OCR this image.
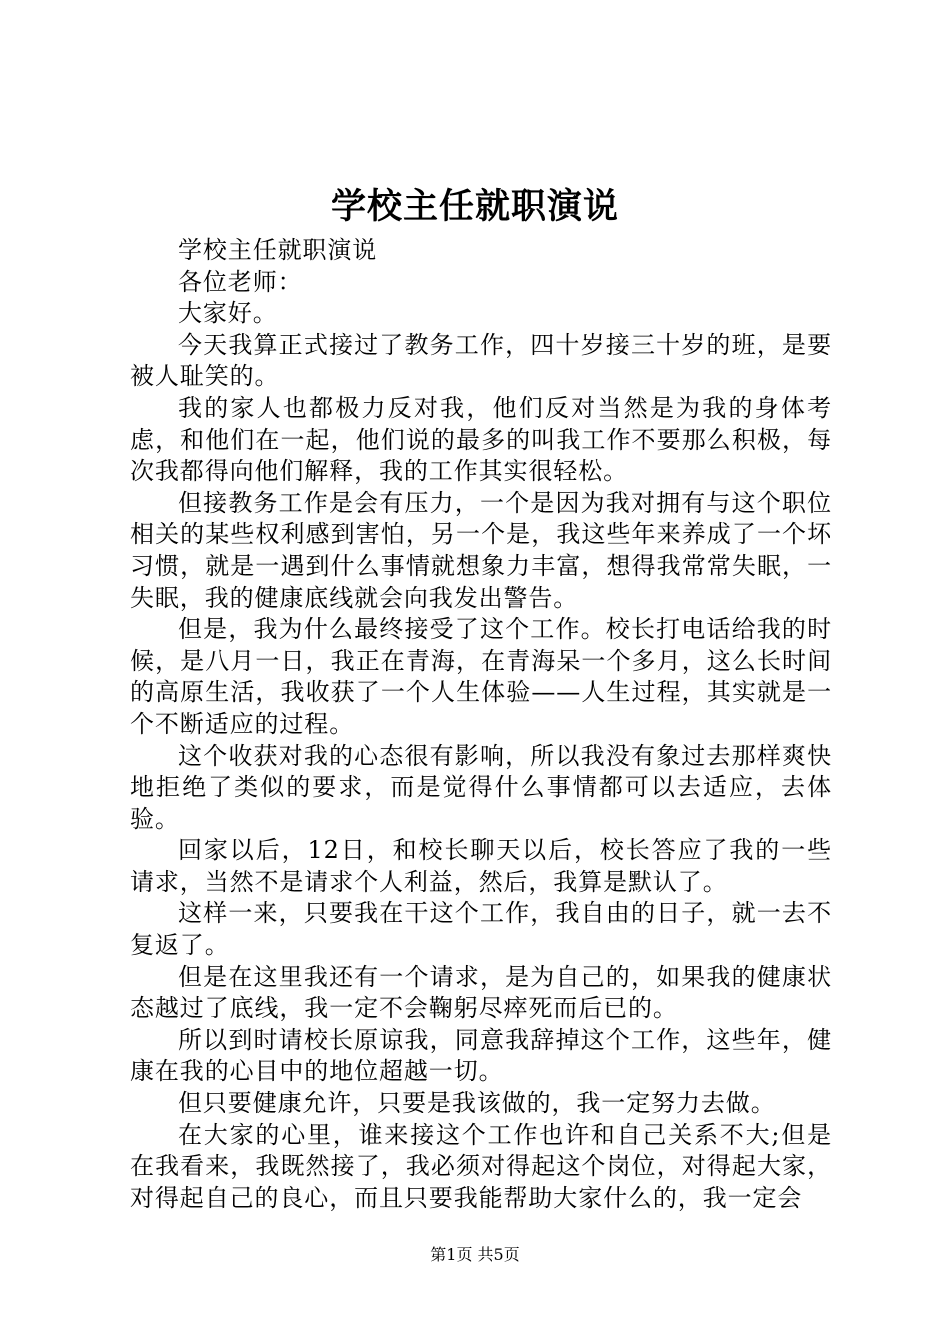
学校主任就职演说

学校主任就职演说

各位老师：

大家好。

今天我算正式接过了教务工作，四十岁接三十岁的班，是要被人耻笑的。

我的家人也都极力反对我，他们反对当然是为我的身体考虑，和他们在一起，他们说的最多的叫我工作不要那么积极，每次我都得向他们解释，我的工作其实很轻松。

但接教务工作是会有压力，一个是因为我对拥有与这个职位相关的某些权利感到害怕，另一个是，我这些年来养成了一个坏习惯，就是一遇到什么事情就想象力丰富，想得我常常失眠，一失眠，我的健康底线就会向我发出警告。

但是，我为什么最终接受了这个工作。校长打电话给我的时候，是八月一日，我正在青海，在青海呆一个多月，这么长时间的高原生活，我收获了一个人生体验——人生过程，其实就是一个不断适应的过程。

这个收获对我的心态很有影响，所以我没有象过去那样爽快地拒绝了类似的要求，而是觉得什么事情都可以去适应，去体验。

回家以后，12日，和校长聊天以后，校长答应了我的一些请求，当然不是请求个人利益，然后，我算是默认了。

这样一来，只要我在干这个工作，我自由的日子，就一去不复返了。

但是在这里我还有一个请求，是为自己的，如果我的健康状态越过了底线，我一定不会鞠躬尽瘁死而后已的。

所以到时请校长原谅我，同意我辞掉这个工作，这些年，健康在我的心目中的地位超越一切。

但只要健康允许，只要是我该做的，我一定努力去做。

在大家的心里，谁来接这个工作也许和自己关系不大;但是在我看来，我既然接了，我必须对得起这个岗位，对得起大家，对得起自己的良心，而且只要我能帮助大家什么的，我一定会

第1页 共5页
